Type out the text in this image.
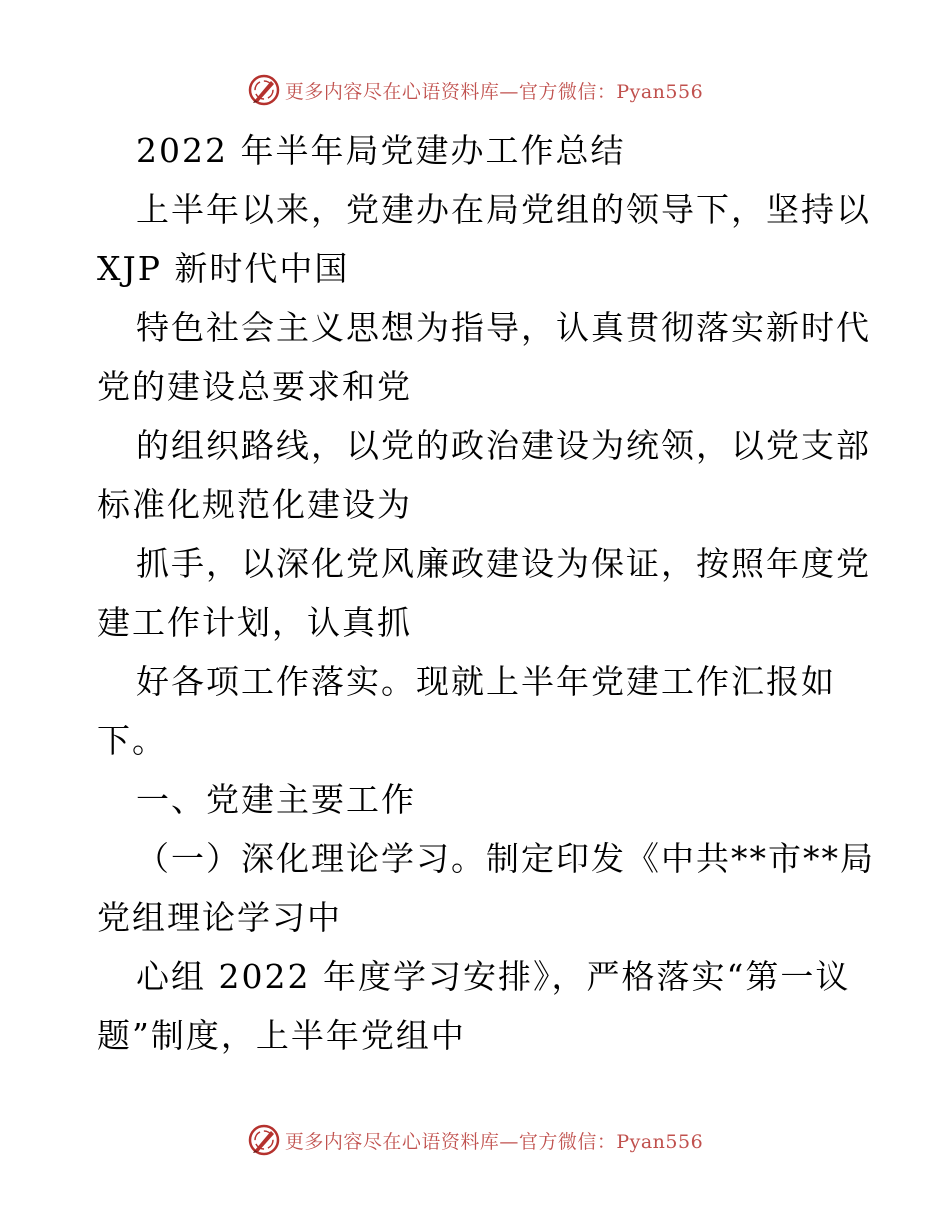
更多内容尽在心语资料库—官方微信：Pyan556
2022 年半年局党建办工作总结
上半年以来，党建办在局党组的领导下，坚持以
XJP 新时代中国
特色社会主义思想为指导，认真贯彻落实新时代
党的建设总要求和党
的组织路线，以党的政治建设为统领，以党支部
标准化规范化建设为
抓手，以深化党风廉政建设为保证，按照年度党
建工作计划，认真抓
好各项工作落实。现就上半年党建工作汇报如
下。
一、党建主要工作
（一）深化理论学习。制定印发《中共**市**局
党组理论学习中
心组 2022 年度学习安排》，严格落实“第一议
题”制度，上半年党组中
更多内容尽在心语资料库—官方微信：Pyan556
